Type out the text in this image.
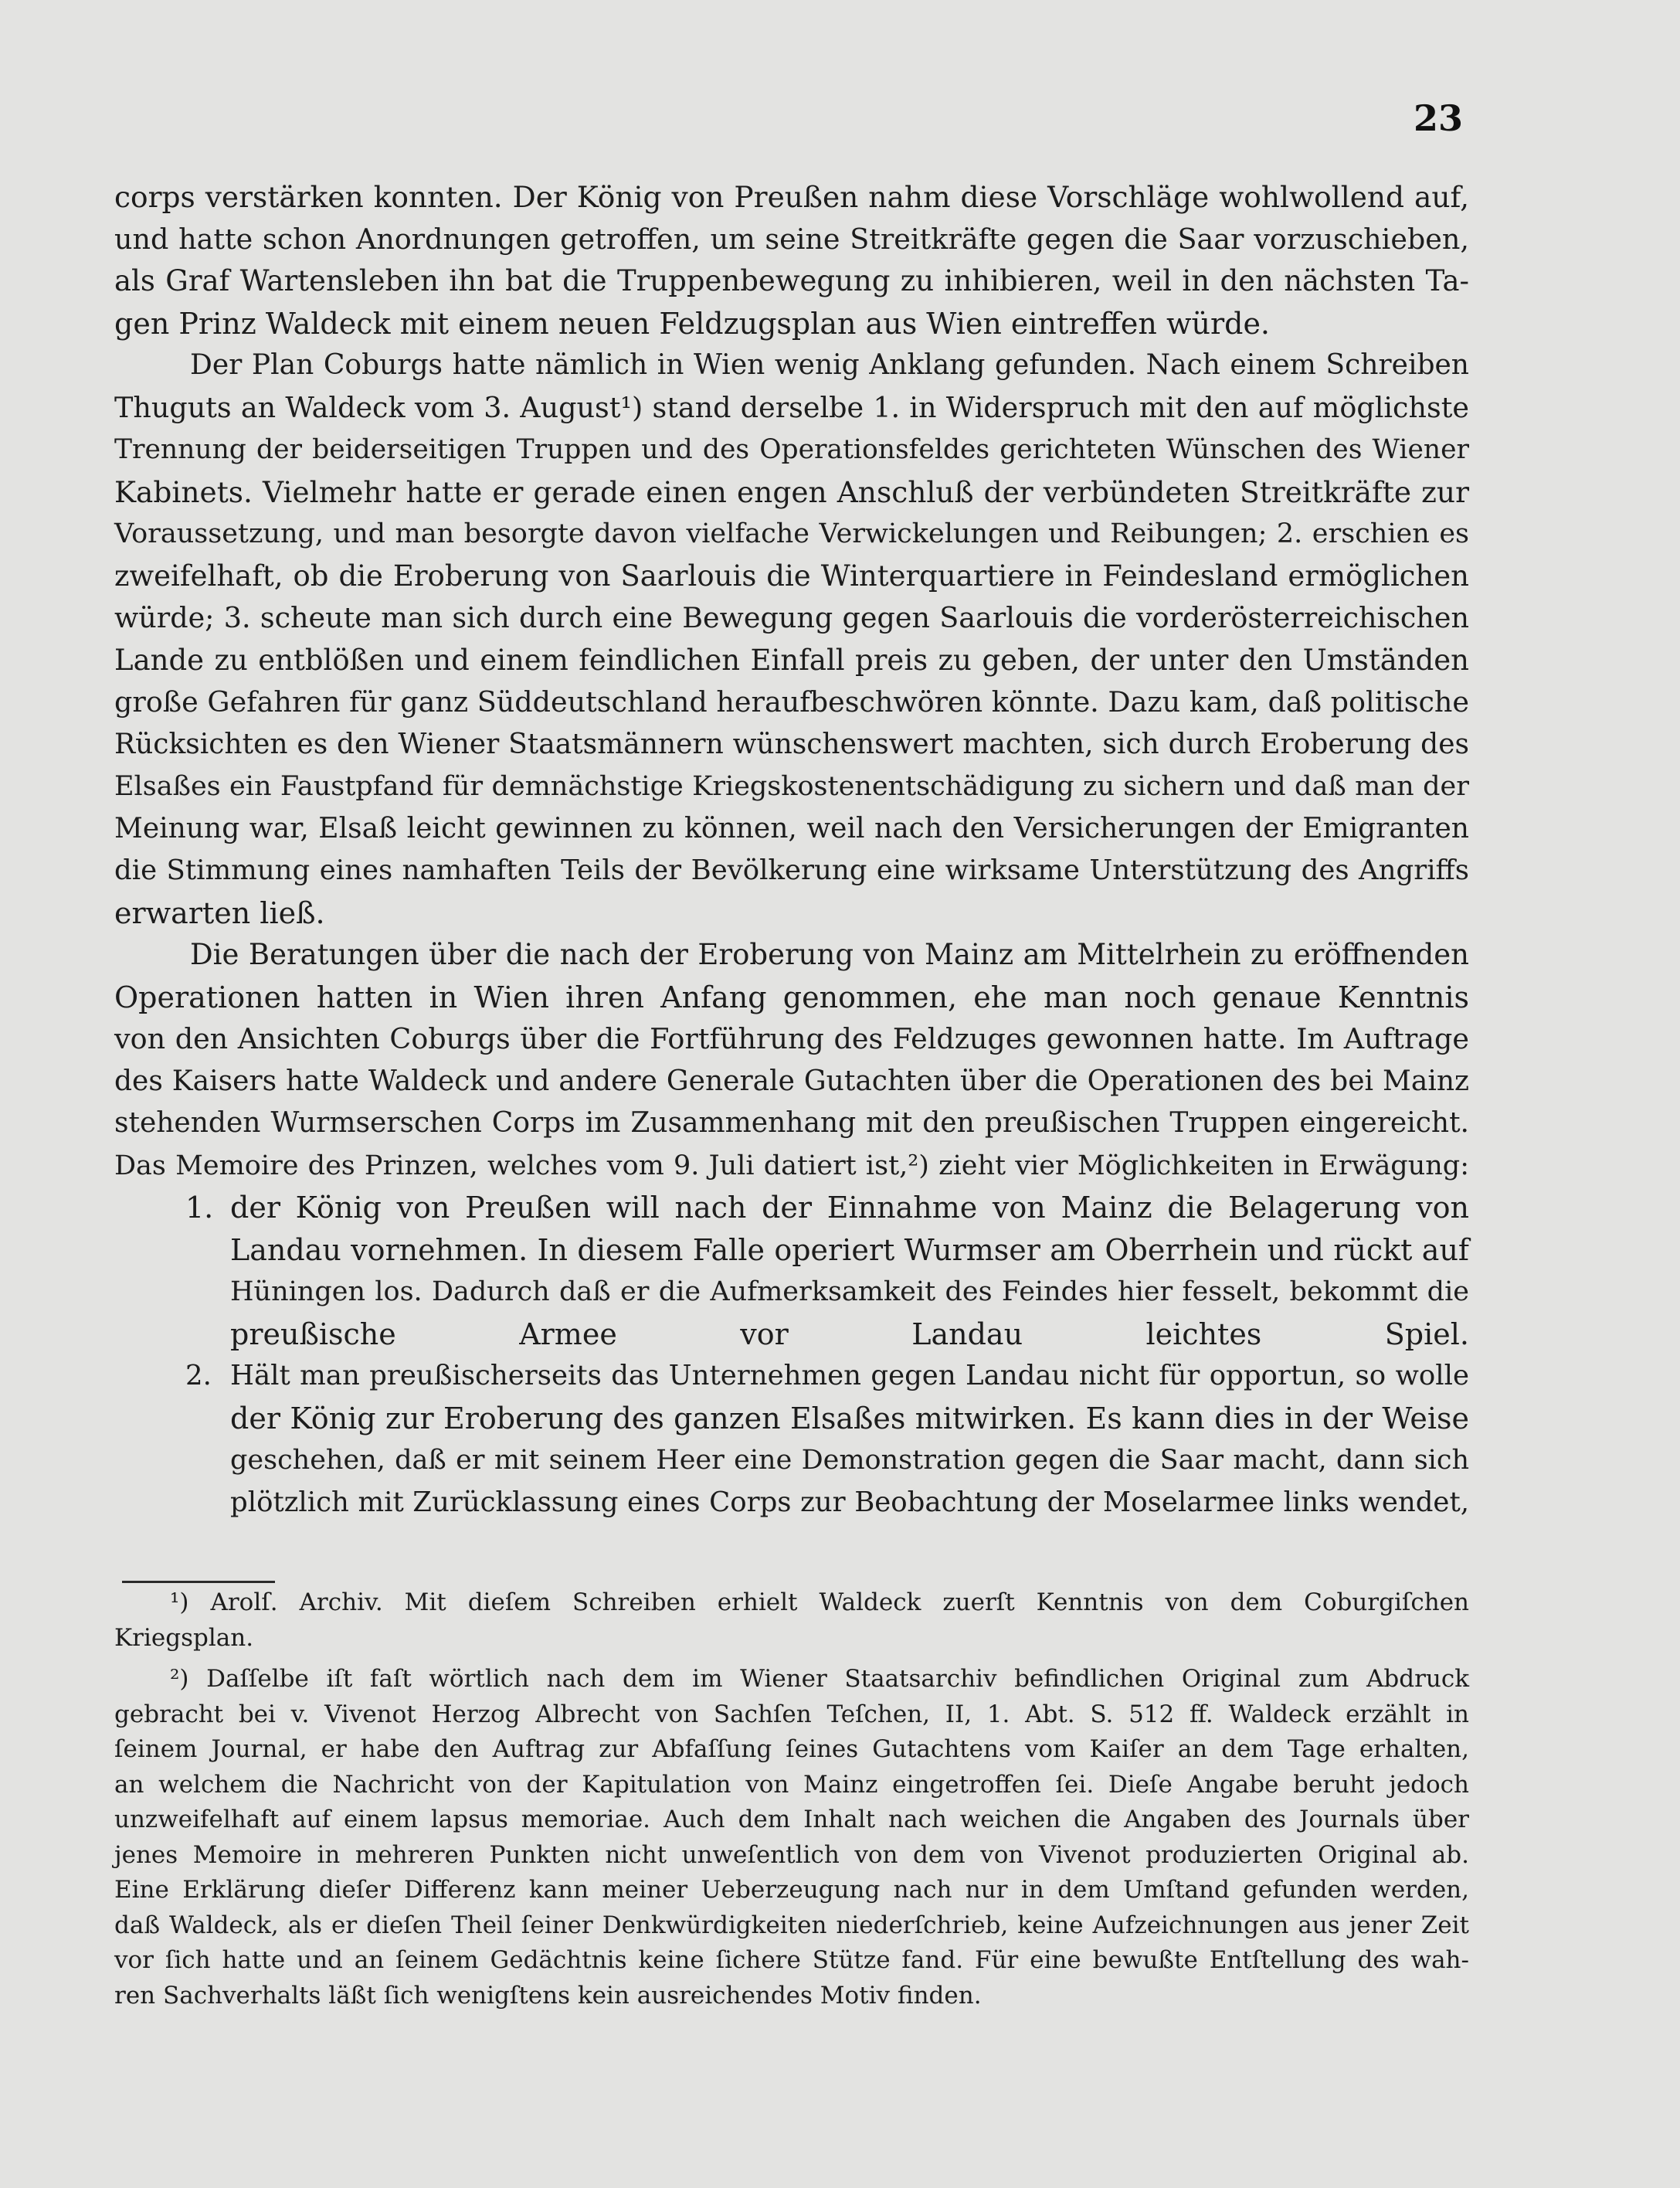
23
corps verstärken konnten. Der König von Preußen nahm diese Vorschläge wohlwollend auf,
und hatte schon Anordnungen getroffen, um seine Streitkräfte gegen die Saar vorzuschieben,
als Graf Wartensleben ihn bat die Truppenbewegung zu inhibieren, weil in den nächsten Ta-
gen Prinz Waldeck mit einem neuen Feldzugsplan aus Wien eintreffen würde.
Der Plan Coburgs hatte nämlich in Wien wenig Anklang gefunden. Nach einem Schreiben
Thuguts an Waldeck vom 3. August¹) stand derselbe 1. in Widerspruch mit den auf möglichste
Trennung der beiderseitigen Truppen und des Operationsfeldes gerichteten Wünschen des Wiener
Kabinets. Vielmehr hatte er gerade einen engen Anschluß der verbündeten Streitkräfte zur
Voraussetzung, und man besorgte davon vielfache Verwickelungen und Reibungen; 2. erschien es
zweifelhaft, ob die Eroberung von Saarlouis die Winterquartiere in Feindesland ermöglichen
würde; 3. scheute man sich durch eine Bewegung gegen Saarlouis die vorderösterreichischen
Lande zu entblößen und einem feindlichen Einfall preis zu geben, der unter den Umständen
große Gefahren für ganz Süddeutschland heraufbeschwören könnte. Dazu kam, daß politische
Rücksichten es den Wiener Staatsmännern wünschenswert machten, sich durch Eroberung des
Elsaßes ein Faustpfand für demnächstige Kriegskostenentschädigung zu sichern und daß man der
Meinung war, Elsaß leicht gewinnen zu können, weil nach den Versicherungen der Emigranten
die Stimmung eines namhaften Teils der Bevölkerung eine wirksame Unterstützung des Angriffs
erwarten ließ.
Die Beratungen über die nach der Eroberung von Mainz am Mittelrhein zu eröffnenden
Operationen hatten in Wien ihren Anfang genommen, ehe man noch genaue Kenntnis
von den Ansichten Coburgs über die Fortführung des Feldzuges gewonnen hatte. Im Auftrage
des Kaisers hatte Waldeck und andere Generale Gutachten über die Operationen des bei Mainz
stehenden Wurmserschen Corps im Zusammenhang mit den preußischen Truppen eingereicht.
Das Memoire des Prinzen, welches vom 9. Juli datiert ist,²) zieht vier Möglichkeiten in Erwägung:
1. der König von Preußen will nach der Einnahme von Mainz die Belagerung von
Landau vornehmen. In diesem Falle operiert Wurmser am Oberrhein und rückt auf
Hüningen los. Dadurch daß er die Aufmerksamkeit des Feindes hier fesselt, bekommt die
preußische Armee vor Landau leichtes Spiel.
2. Hält man preußischerseits das Unternehmen gegen Landau nicht für opportun, so wolle
der König zur Eroberung des ganzen Elsaßes mitwirken. Es kann dies in der Weise
geschehen, daß er mit seinem Heer eine Demonstration gegen die Saar macht, dann sich
plötzlich mit Zurücklassung eines Corps zur Beobachtung der Moselarmee links wendet,
¹) Arolſ. Archiv. Mit dieſem Schreiben erhielt Waldeck zuerſt Kenntnis von dem Coburgiſchen
Kriegsplan.
²) Daſſelbe iſt faſt wörtlich nach dem im Wiener Staatsarchiv befindlichen Original zum Abdruck
gebracht bei v. Vivenot Herzog Albrecht von Sachſen Teſchen, II, 1. Abt. S. 512 ff. Waldeck erzählt in
ſeinem Journal, er habe den Auftrag zur Abfaſſung ſeines Gutachtens vom Kaiſer an dem Tage erhalten,
an welchem die Nachricht von der Kapitulation von Mainz eingetroffen ſei. Dieſe Angabe beruht jedoch
unzweifelhaft auf einem lapsus memoriae. Auch dem Inhalt nach weichen die Angaben des Journals über
jenes Memoire in mehreren Punkten nicht unweſentlich von dem von Vivenot produzierten Original ab.
Eine Erklärung dieſer Differenz kann meiner Ueberzeugung nach nur in dem Umſtand gefunden werden,
daß Waldeck, als er dieſen Theil ſeiner Denkwürdigkeiten niederſchrieb, keine Aufzeichnungen aus jener Zeit
vor ſich hatte und an ſeinem Gedächtnis keine ſichere Stütze fand. Für eine bewußte Entſtellung des wah-
ren Sachverhalts läßt ſich wenigſtens kein ausreichendes Motiv finden.
